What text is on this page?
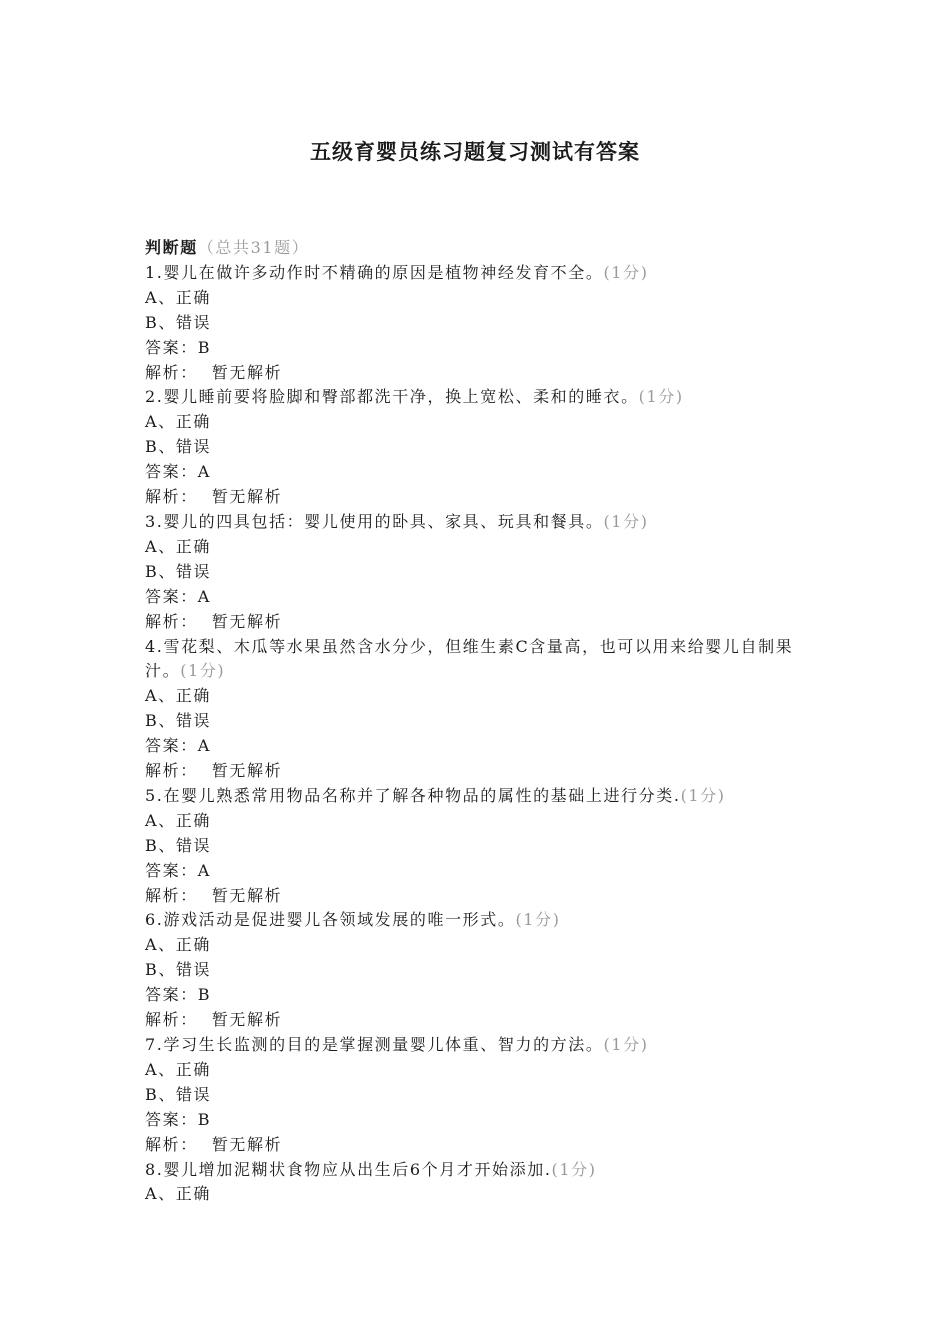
五级育婴员练习题复习测试有答案
判断题（总共31题）
1.婴儿在做许多动作时不精确的原因是植物神经发育不全。(1分)
A、正确
B、错误
答案：B
解析： 暂无解析
2.婴儿睡前要将脸脚和臀部都洗干净，换上宽松、柔和的睡衣。(1分)
A、正确
B、错误
答案：A
解析： 暂无解析
3.婴儿的四具包括：婴儿使用的卧具、家具、玩具和餐具。(1分)
A、正确
B、错误
答案：A
解析： 暂无解析
4.雪花梨、木瓜等水果虽然含水分少，但维生素C含量高，也可以用来给婴儿自制果汁。(1分)
A、正确
B、错误
答案：A
解析： 暂无解析
5.在婴儿熟悉常用物品名称并了解各种物品的属性的基础上进行分类.(1分)
A、正确
B、错误
答案：A
解析： 暂无解析
6.游戏活动是促进婴儿各领域发展的唯一形式。(1分)
A、正确
B、错误
答案：B
解析： 暂无解析
7.学习生长监测的目的是掌握测量婴儿体重、智力的方法。(1分)
A、正确
B、错误
答案：B
解析： 暂无解析
8.婴儿增加泥糊状食物应从出生后6个月才开始添加.(1分)
A、正确
